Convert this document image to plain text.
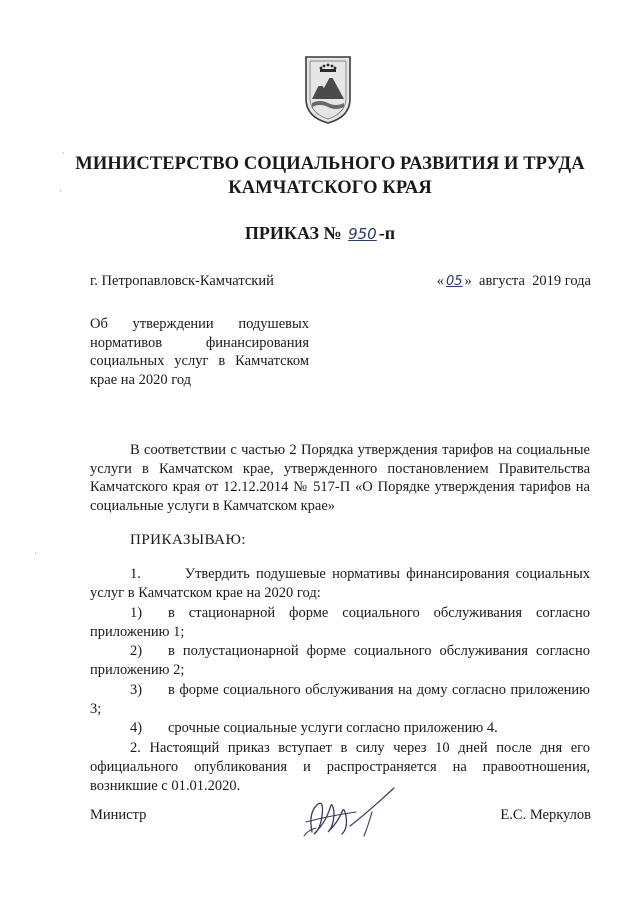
МИНИСТЕРСТВО СОЦИАЛЬНОГО РАЗВИТИЯ И ТРУДА
КАМЧАТСКОГО КРАЯ
ПРИКАЗ № 950 -п
г. Петропавловск-Камчатский	« 05 »  августа  2019 года
Об утверждении подушевых нормативов финансирования социальных услуг в Камчатском крае на 2020 год
В соответствии с частью 2 Порядка утверждения тарифов на социальные услуги в Камчатском крае, утвержденного постановлением Правительства Камчатского края от 12.12.2014 № 517-П «О Порядке утверждения тарифов на социальные услуги в Камчатском крае»
ПРИКАЗЫВАЮ:

1.	Утвердить подушевые нормативы финансирования социальных услуг в Камчатском крае на 2020 год:

1) в стационарной форме социального обслуживания согласно приложению 1;

2) в полустационарной форме социального обслуживания согласно приложению 2;

3) в форме социального обслуживания на дому согласно приложению 3;

4) срочные социальные услуги согласно приложению 4.

2. Настоящий приказ вступает в силу через 10 дней после дня его официального опубликования и распространяется на правоотношения, возникшие с 01.01.2020.

Министр	Е.С. Меркулов
·
'
·
